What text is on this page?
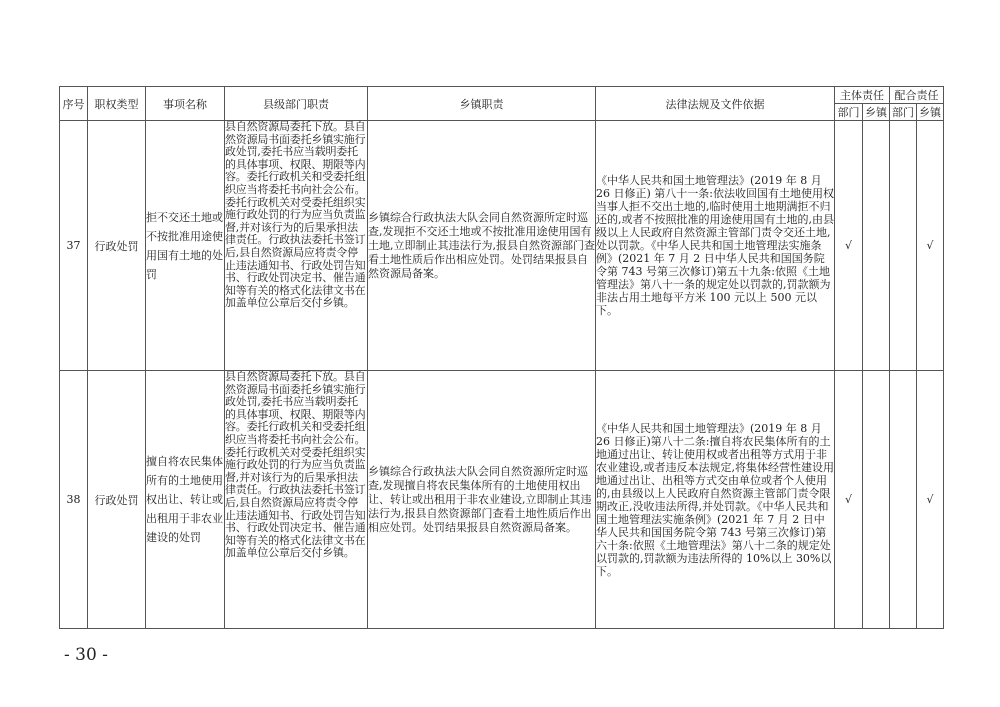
序号	职权类型	事项名称	县级部门职责	乡镇职责	法律法规及文件依据	主体责任		配合责任	
						部门	乡镇	部门	乡镇
37	行政处罚	拒不交还土地或不按批准用途使用国有土地的处罚	县自然资源局委托下放。县自然资源局书面委托乡镇实施行政处罚,委托书应当载明委托的具体事项、权限、期限等内容。委托行政机关和受委托组织应当将委托书向社会公布。委托行政机关对受委托组织实施行政处罚的行为应当负责监督,并对该行为的后果承担法律责任。行政执法委托书签订后,县自然资源局应将责令停止违法通知书、行政处罚告知书、行政处罚决定书、催告通知等有关的格式化法律文书在加盖单位公章后交付乡镇。	乡镇综合行政执法大队会同自然资源所定时巡查,发现拒不交还土地或不按批准用途使用国有土地,立即制止其违法行为,报县自然资源部门查看土地性质后作出相应处罚。处罚结果报县自然资源局备案。	《中华人民共和国土地管理法》(2019 年 8 月 26 日修正) 第八十一条:依法收回国有土地使用权当事人拒不交出土地的,临时使用土地期满拒不归还的,或者不按照批准的用途使用国有土地的,由县级以上人民政府自然资源主管部门责令交还土地,处以罚款。《中华人民共和国土地管理法实施条例》(2021 年 7 月 2 日中华人民共和国国务院令第 743 号第三次修订)第五十九条:依照《土地管理法》第八十一条的规定处以罚款的,罚款额为非法占用土地每平方米 100 元以上 500 元以下。	√			√
38	行政处罚	擅自将农民集体所有的土地使用权出让、转让或出租用于非农业建设的处罚	县自然资源局委托下放。县自然资源局书面委托乡镇实施行政处罚,委托书应当载明委托的具体事项、权限、期限等内容。委托行政机关和受委托组织应当将委托书向社会公布。委托行政机关对受委托组织实施行政处罚的行为应当负责监督,并对该行为的后果承担法律责任。行政执法委托书签订后,县自然资源局应将责令停止违法通知书、行政处罚告知书、行政处罚决定书、催告通知等有关的格式化法律文书在加盖单位公章后交付乡镇。	乡镇综合行政执法大队会同自然资源所定时巡查,发现擅自将农民集体所有的土地使用权出让、转让或出租用于非农业建设,立即制止其违法行为,报县自然资源部门查看土地性质后作出相应处罚。处罚结果报县自然资源局备案。	《中华人民共和国土地管理法》(2019 年 8 月 26 日修正)第八十二条:擅自将农民集体所有的土地通过出让、转让使用权或者出租等方式用于非农业建设,或者违反本法规定,将集体经营性建设用地通过出让、出租等方式交由单位或者个人使用的,由县级以上人民政府自然资源主管部门责令限期改正,没收违法所得,并处罚款。《中华人民共和国土地管理法实施条例》(2021 年 7 月 2 日中华人民共和国国务院令第 743 号第三次修订)第六十条:依照《土地管理法》第八十二条的规定处以罚款的,罚款额为违法所得的 10%以上 30%以下。	√			√
- 30 -
